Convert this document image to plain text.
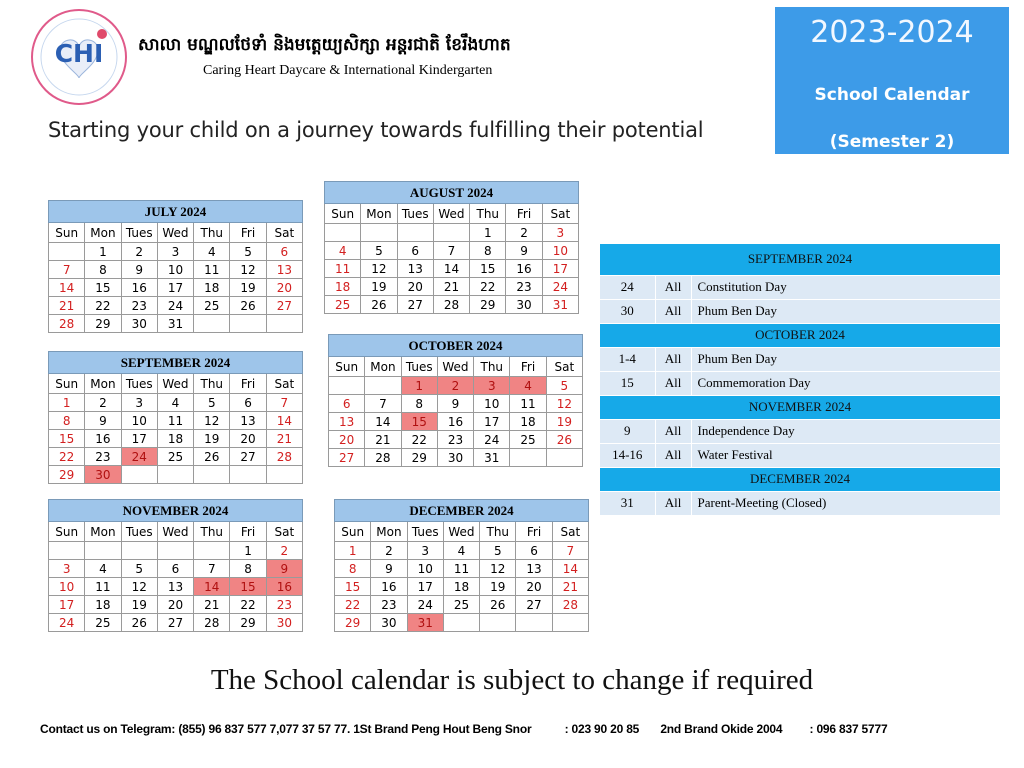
CHI	សាលា មណ្ឌលថែទាំ និងមត្តេយ្យសិក្សា អន្តរជាតិ ខែរឹងហាត
Caring Heart Daycare & International Kindergarten
Starting your child on a journey towards fulfilling their potential
2023-2024
School Calendar
(Semester 2)
JULY 2024						
Sun	Mon	Tues	Wed	Thu	Fri	Sat
	1	2	3	4	5	6
7	8	9	10	11	12	13
14	15	16	17	18	19	20
21	22	23	24	25	26	27
28	29	30	31			
AUGUST 2024						
Sun	Mon	Tues	Wed	Thu	Fri	Sat
				1	2	3
4	5	6	7	8	9	10
11	12	13	14	15	16	17
18	19	20	21	22	23	24
25	26	27	28	29	30	31
SEPTEMBER 2024						
Sun	Mon	Tues	Wed	Thu	Fri	Sat
1	2	3	4	5	6	7
8	9	10	11	12	13	14
15	16	17	18	19	20	21
22	23	24	25	26	27	28
29	30					
OCTOBER 2024						
Sun	Mon	Tues	Wed	Thu	Fri	Sat
		1	2	3	4	5
6	7	8	9	10	11	12
13	14	15	16	17	18	19
20	21	22	23	24	25	26
27	28	29	30	31		
NOVEMBER 2024						
Sun	Mon	Tues	Wed	Thu	Fri	Sat
					1	2
3	4	5	6	7	8	9
10	11	12	13	14	15	16
17	18	19	20	21	22	23
24	25	26	27	28	29	30
DECEMBER 2024						
Sun	Mon	Tues	Wed	Thu	Fri	Sat
1	2	3	4	5	6	7
8	9	10	11	12	13	14
15	16	17	18	19	20	21
22	23	24	25	26	27	28
29	30	31				
SEPTEMBER 2024		
24	All	Constitution Day
30	All	Phum Ben Day
OCTOBER 2024		
1-4	All	Phum Ben Day
15	All	Commemoration Day
NOVEMBER 2024		
9	All	Independence Day
14-16	All	Water Festival
DECEMBER 2024		
31	All	Parent-Meeting (Closed)
The School calendar is subject to change if required
Contact us on Telegram: (855) 96 837 577 7,077 37 57 77. 1St Brand Peng Hout Beng Snor	: 023 90 20 85 2nd Brand Okide 2004 : 096 837 5777
